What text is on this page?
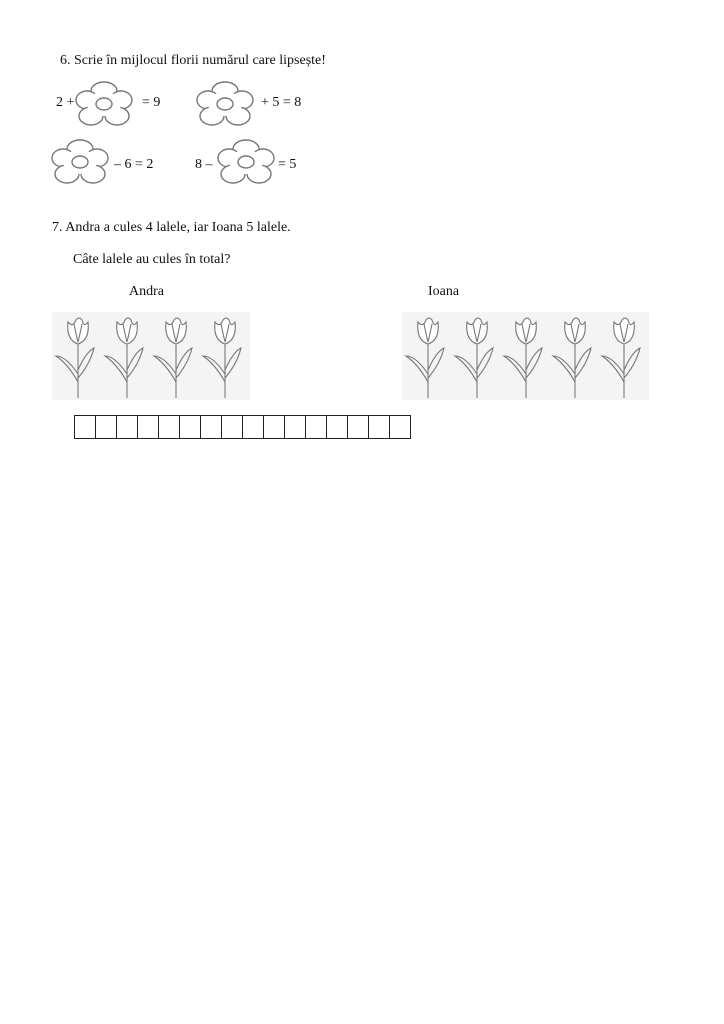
6. Scrie în mijlocul florii numărul care lipsește!
2 +	= 9	+ 5 = 8
– 6 = 2	8 –	= 5
7. Andra a cules 4 lalele, iar Ioana 5 lalele.
Câte lalele au cules în total?
Andra	Ioana
